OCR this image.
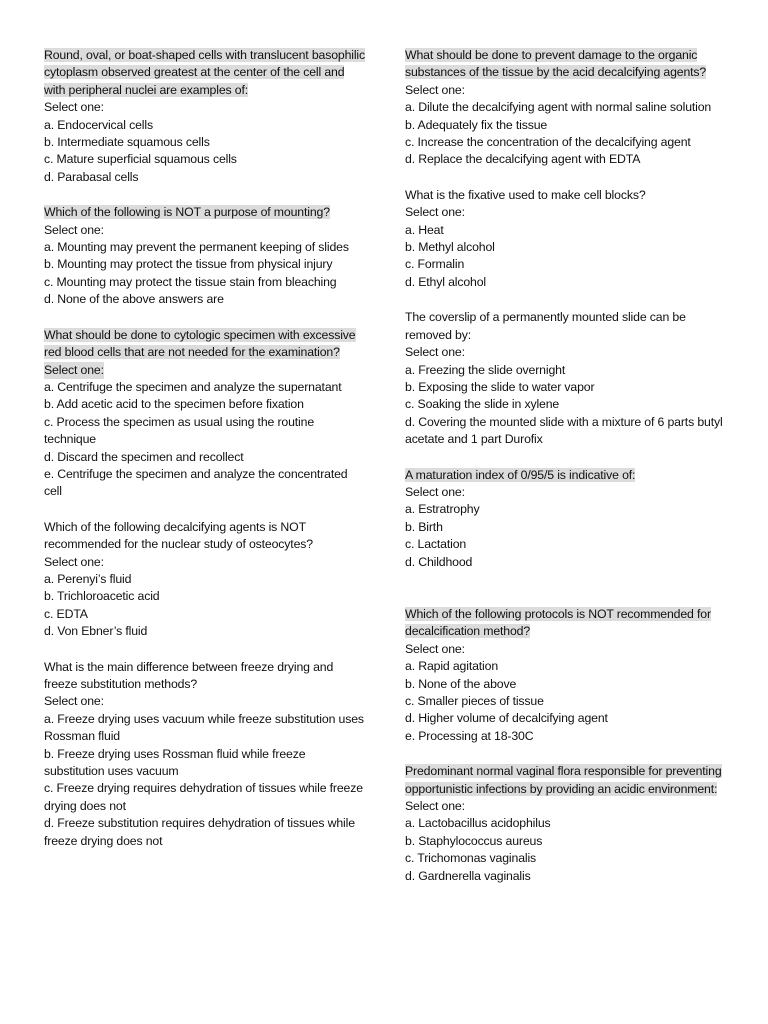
Round, oval, or boat-shaped cells with translucent basophilic cytoplasm observed greatest at the center of the cell and with peripheral nuclei are examples of:
Select one:
a. Endocervical cells
b. Intermediate squamous cells
c. Mature superficial squamous cells
d. Parabasal cells
Which of the following is NOT a purpose of mounting?
Select one:
a. Mounting may prevent the permanent keeping of slides
b. Mounting may protect the tissue from physical injury
c. Mounting may protect the tissue stain from bleaching
d. None of the above answers are
What should be done to cytologic specimen with excessive red blood cells that are not needed for the examination?
Select one:
a. Centrifuge the specimen and analyze the supernatant
b. Add acetic acid to the specimen before fixation
c. Process the specimen as usual using the routine technique
d. Discard the specimen and recollect
e. Centrifuge the specimen and analyze the concentrated cell
Which of the following decalcifying agents is NOT recommended for the nuclear study of osteocytes?
Select one:
a. Perenyi’s fluid
b. Trichloroacetic acid
c. EDTA
d. Von Ebner’s fluid
What is the main difference between freeze drying and freeze substitution methods?
Select one:
a. Freeze drying uses vacuum while freeze substitution uses Rossman fluid
b. Freeze drying uses Rossman fluid while freeze substitution uses vacuum
c. Freeze drying requires dehydration of tissues while freeze drying does not
d. Freeze substitution requires dehydration of tissues while freeze drying does not
What should be done to prevent damage to the organic substances of the tissue by the acid decalcifying agents?
Select one:
a. Dilute the decalcifying agent with normal saline solution
b. Adequately fix the tissue
c. Increase the concentration of the decalcifying agent
d. Replace the decalcifying agent with EDTA
What is the fixative used to make cell blocks?
Select one:
a. Heat
b. Methyl alcohol
c. Formalin
d. Ethyl alcohol
The coverslip of a permanently mounted slide can be removed by:
Select one:
a. Freezing the slide overnight
b. Exposing the slide to water vapor
c. Soaking the slide in xylene
d. Covering the mounted slide with a mixture of 6 parts butyl acetate and 1 part Durofix
A maturation index of 0/95/5 is indicative of:
Select one:
a. Estratrophy
b. Birth
c. Lactation
d. Childhood
Which of the following protocols is NOT recommended for decalcification method?
Select one:
a. Rapid agitation
b. None of the above
c. Smaller pieces of tissue
d. Higher volume of decalcifying agent
e. Processing at 18-30C
Predominant normal vaginal flora responsible for preventing opportunistic infections by providing an acidic environment:
Select one:
a. Lactobacillus acidophilus
b. Staphylococcus aureus
c. Trichomonas vaginalis
d. Gardnerella vaginalis
